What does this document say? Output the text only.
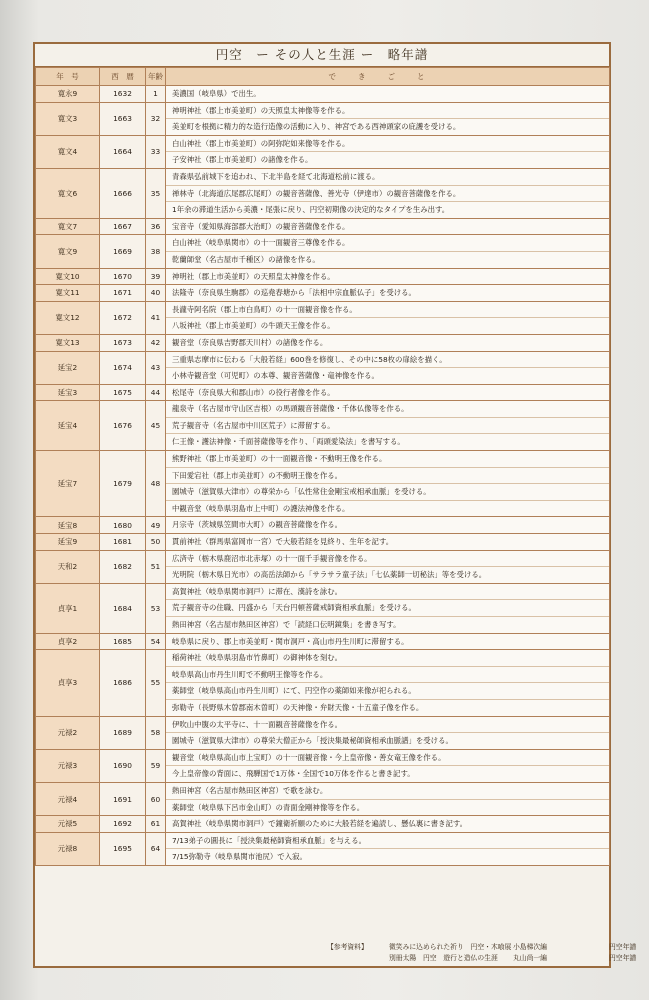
円空　ー その人と生涯 ー　略年譜
年　号	西　暦	年齢	できごと
寛永9	1632	1	美濃国（岐阜県）で出生。

寛文3	1663	32	神明神社（郡上市美並町）の天照皇太神像等を作る。
美並町を根拠に精力的な造行造像の活動に入り、神宮である西神頭家の庇護を受ける。

寛文4	1664	33	白山神社（郡上市美並町）の阿弥陀如来像等を作る。
子安神社（郡上市美並町）の諸像を作る。

寛文6	1666	35	青森県弘前城下を追われ、下北半島を経て北海道松前に渡る。
禅林寺（北海道広尾郡広尾町）の観音菩薩像、善光寺（伊達市）の観音菩薩像を作る。
1年余の滞道生活から美濃・尾張に戻り、円空初期像の決定的なタイプを生み出す。

寛文7	1667	36	宝音寺（愛知県海部郡大治町）の観音菩薩像を作る。

寛文9	1669	38	白山神社（岐阜県関市）の十一面観音三尊像を作る。
乾蘭師堂（名古屋市千種区）の諸像を作る。

寛文10	1670	39	神明社（郡上市美並町）の天照皇太神像を作る。

寛文11	1671	40	法隆寺（奈良県生駒郡）の巡堯春塘から「法相中宗血脈仏子」を受ける。

寛文12	1672	41	長瀧寺阿名院（郡上市白鳥町）の十一面観音像を作る。
八坂神社（郡上市美並町）の牛頭天王像を作る。

寛文13	1673	42	観音堂（奈良県吉野郡天川村）の諸像を作る。

延宝2	1674	43	三重県志摩市に伝わる「大般若経」600巻を修復し、その中に58枚の扉絵を描く。
小林寺観音堂（可児町）の本尊、観音菩薩像・竜神像を作る。

延宝3	1675	44	松尾寺（奈良県大和郡山市）の役行者像を作る。

延宝4	1676	45	龍泉寺（名古屋市守山区吉根）の馬頭観音菩薩像・千体仏像等を作る。
荒子観音寺（名古屋市中川区荒子）に滞留する。
仁王像・護法神像・千面菩薩像等を作り、「両頭愛染法」を書写する。

延宝7	1679	48	熊野神社（郡上市美並町）の十一面観音像・不動明王像を作る。
下田愛宕社（郡上市美並町）の不動明王像を作る。
園城寺（滋賀県大津市）の尊栄から「仏性常住金剛宝戒相承血脈」を受ける。
中観音堂（岐阜県羽島市上中町）の護法神像を作る。

延宝8	1680	49	月宗寺（茨城県笠間市大町）の観音菩薩像を作る。

延宝9	1681	50	貫前神社（群馬県富岡市一宮）で大般若経を見終り、生年を記す。

天和2	1682	51	広済寺（栃木県鹿沼市北赤塚）の十一面千手観音像を作る。
光明院（栃木県日光市）の高岳法師から「サラサラ童子法」「七仏薬師一切秘法」等を受ける。

貞享1	1684	53	高賀神社（岐阜県関市洞戸）に滞在、漢詩を詠む。
荒子観音寺の住職、円盛から「天台円頓菩薩戒師資相承血脈」を受ける。
熱田神宮（名古屋市熱田区神宮）で「読経口伝明鏡集」を書き写す。

貞享2	1685	54	岐阜県に戻り、郡上市美並町・関市洞戸・高山市丹生川町に滞留する。

貞享3	1686	55	稲荷神社（岐阜県羽島市竹鼻町）の御神体を刻む。
岐阜県高山市丹生川町で不動明王像等を作る。
薬師堂（岐阜県高山市丹生川町）にて、円空作の薬師如来像が祀られる。
弥勒寺（長野県木曽郡南木曽町）の天神像・弁財天像・十五童子像を作る。

元禄2	1689	58	伊吹山中腹の太平寺に、十一面観音菩薩像を作る。
園城寺（滋賀県大津市）の尊栄大僧正から「授決集最秘師資相承血脈譜」を受ける。

元禄3	1690	59	観音堂（岐阜県高山市上宝町）の十一面観音像・今上皇帝像・善女竜王像を作る。
今上皇帝像の背面に、飛騨国で1万体・全国で10万体を作ると書き記す。

元禄4	1691	60	熱田神宮（名古屋市熱田区神宮）で歌を詠む。
薬師堂（岐阜県下呂市金山町）の青面金剛神像等を作る。

元禄5	1692	61	高賀神社（岐阜県関市洞戸）で鐘衛祈願のために大般若経を遍読し、懸仏裏に書き記す。

元禄8	1695	64	7/13弟子の圓長に「授決集最秘師資相承血脈」を与える。
7/15弥勒寺（岐阜県関市池尻）で入寂。
【参考資料】	微笑みに込められた祈り　円空・木喰展 小島梯次編	円空年譜
別冊太陽　円空　遊行と造仏の生涯 丸山尚一編	円空年譜
